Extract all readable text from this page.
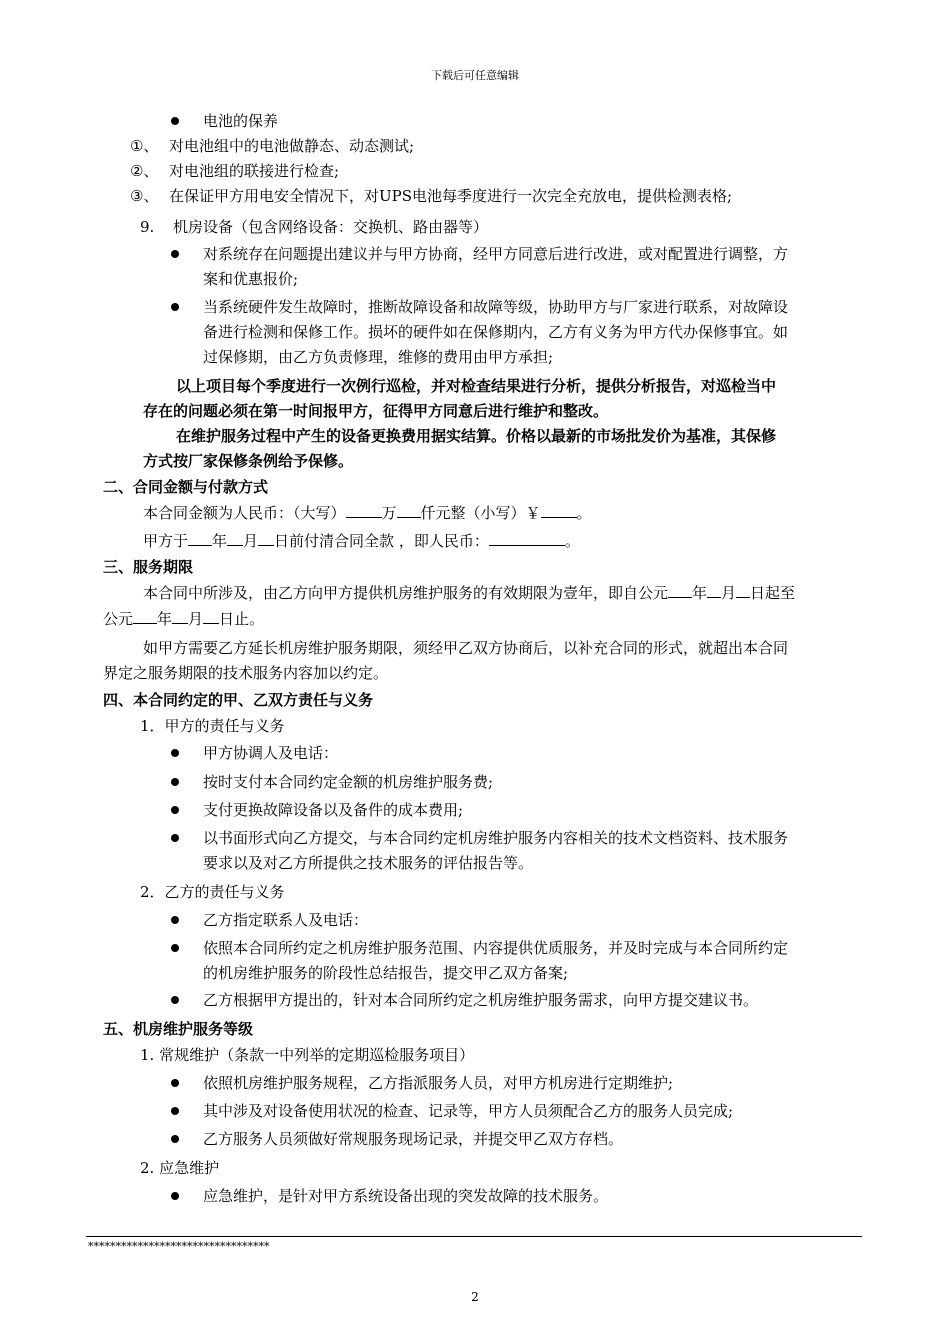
下载后可任意编辑
电池的保养
①、 对电池组中的电池做静态、动态测试;
②、 对电池组的联接进行检查;
③、 在保证甲方用电安全情况下，对UPS电池每季度进行一次完全充放电，提供检测表格;
9. 机房设备（包含网络设备：交换机、路由器等）
对系统存在问题提出建议并与甲方协商，经甲方同意后进行改进，或对配置进行调整，方
案和优惠报价;
当系统硬件发生故障时，推断故障设备和故障等级，协助甲方与厂家进行联系，对故障设
备进行检测和保修工作。损坏的硬件如在保修期内，乙方有义务为甲方代办保修事宜。如
过保修期，由乙方负责修理，维修的费用由甲方承担;
以上项目每个季度进行一次例行巡检，并对检查结果进行分析，提供分析报告，对巡检当中
存在的问题必须在第一时间报甲方，征得甲方同意后进行维护和整改。
在维护服务过程中产生的设备更换费用据实结算。价格以最新的市场批发价为基准，其保修
方式按厂家保修条例给予保修。
二、合同金额与付款方式
本合同金额为人民币：（大写） 万 仟元整（小写）￥ 。
甲方于 年 月 日前付清合同全款 ，即人民币：	。
三、服务期限
本合同中所涉及，由乙方向甲方提供机房维护服务的有效期限为壹年，即自公元 年 月 日起至
公元 年 月 日止。
如甲方需要乙方延长机房维护服务期限，须经甲乙双方协商后，以补充合同的形式，就超出本合同
界定之服务期限的技术服务内容加以约定。
四、本合同约定的甲、乙双方责任与义务
1．甲方的责任与义务
甲方协调人及电话：
按时支付本合同约定金额的机房维护服务费;
支付更换故障设备以及备件的成本费用;
以书面形式向乙方提交，与本合同约定机房维护服务内容相关的技术文档资料、技术服务
要求以及对乙方所提供之技术服务的评估报告等。
2．乙方的责任与义务
乙方指定联系人及电话：
依照本合同所约定之机房维护服务范围、内容提供优质服务，并及时完成与本合同所约定
的机房维护服务的阶段性总结报告，提交甲乙双方备案;
乙方根据甲方提出的，针对本合同所约定之机房维护服务需求，向甲方提交建议书。
五、机房维护服务等级
1. 常规维护（条款一中列举的定期巡检服务项目）
依照机房维护服务规程，乙方指派服务人员，对甲方机房进行定期维护;
其中涉及对设备使用状况的检查、记录等，甲方人员须配合乙方的服务人员完成;
乙方服务人员须做好常规服务现场记录，并提交甲乙双方存档。
2. 应急维护
应急维护，是针对甲方系统设备出现的突发故障的技术服务。
*********************************
2
